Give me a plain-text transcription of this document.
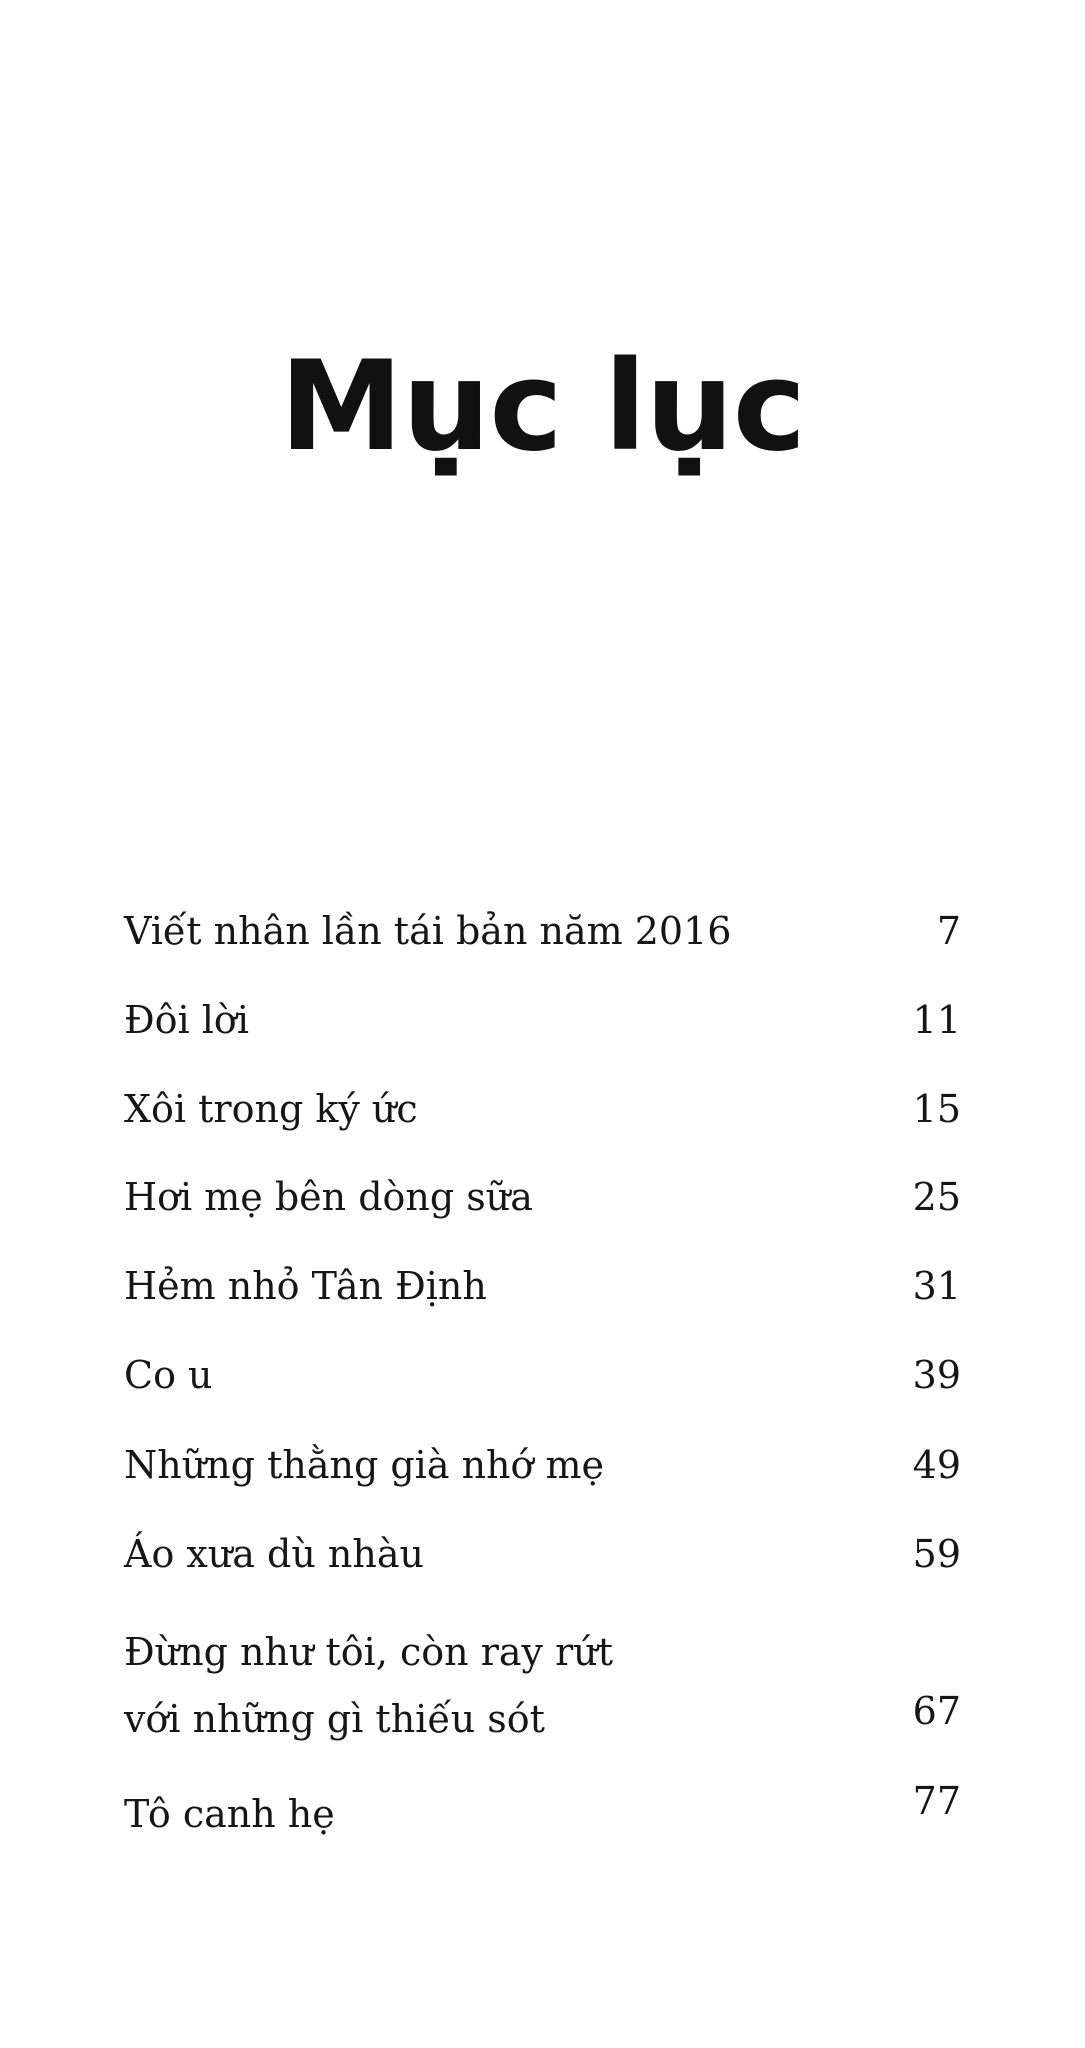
Mục lục
Viết nhân lần tái bản năm 2016	7
Đôi lời	11
Xôi trong ký ức	15
Hơi mẹ bên dòng sữa	25
Hẻm nhỏ Tân Định	31
Co u	39
Những thằng già nhớ mẹ	49
Áo xưa dù nhàu	59
Đừng như tôi, còn ray rứt
với những gì thiếu sót	67
Tô canh hẹ	77
